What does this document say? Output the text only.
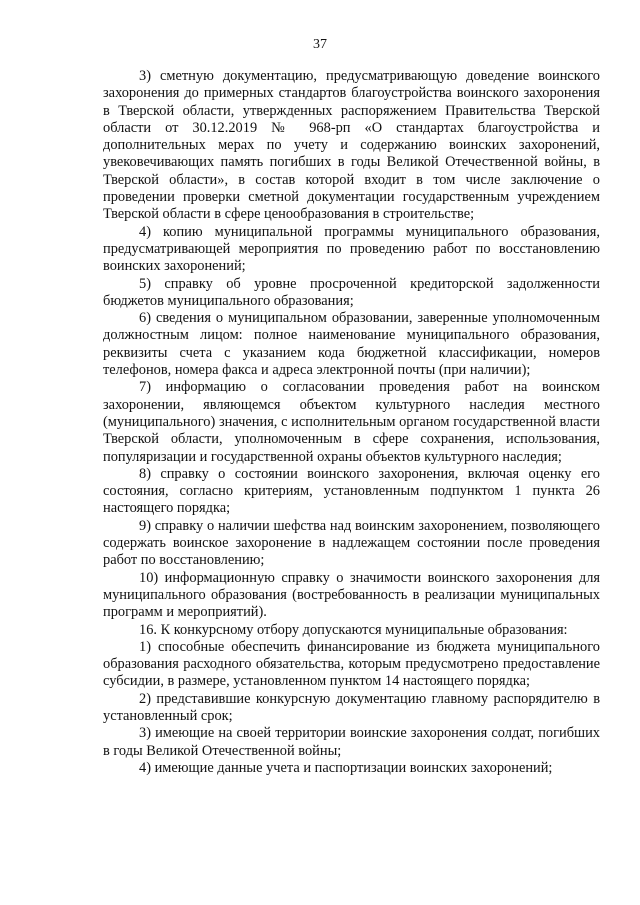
37

3) сметную документацию, предусматривающую доведение воинского захоронения до примерных стандартов благоустройства воинского захоронения в Тверской области, утвержденных распоряжением Правительства Тверской области от 30.12.2019 № 968-рп «О стандартах благоустройства и дополнительных мерах по учету и содержанию воинских захоронений, увековечивающих память погибших в годы Великой Отечественной войны, в Тверской области», в состав которой входит в том числе заключение о проведении проверки сметной документации государственным учреждением Тверской области в сфере ценообразования в строительстве;

4) копию муниципальной программы муниципального образования, предусматривающей мероприятия по проведению работ по восстановлению воинских захоронений;

5) справку об уровне просроченной кредиторской задолженности бюджетов муниципального образования;

6) сведения о муниципальном образовании, заверенные уполномоченным должностным лицом: полное наименование муниципального образования, реквизиты счета с указанием кода бюджетной классификации, номеров телефонов, номера факса и адреса электронной почты (при наличии);

7) информацию о согласовании проведения работ на воинском захоронении, являющемся объектом культурного наследия местного (муниципального) значения, с исполнительным органом государственной власти Тверской области, уполномоченным в сфере сохранения, использования, популяризации и государственной охраны объектов культурного наследия;

8) справку о состоянии воинского захоронения, включая оценку его состояния, согласно критериям, установленным подпунктом 1 пункта 26 настоящего порядка;

9) справку о наличии шефства над воинским захоронением, позволяющего содержать воинское захоронение в надлежащем состоянии после проведения работ по восстановлению;

10) информационную справку о значимости воинского захоронения для муниципального образования (востребованность в реализации муниципальных программ и мероприятий).

16. К конкурсному отбору допускаются муниципальные образования:

1) способные обеспечить финансирование из бюджета муниципального образования расходного обязательства, которым предусмотрено предоставление субсидии, в размере, установленном пунктом 14 настоящего порядка;

2) представившие конкурсную документацию главному распорядителю в установленный срок;

3) имеющие на своей территории воинские захоронения солдат, погибших в годы Великой Отечественной войны;

4) имеющие данные учета и паспортизации воинских захоронений;
